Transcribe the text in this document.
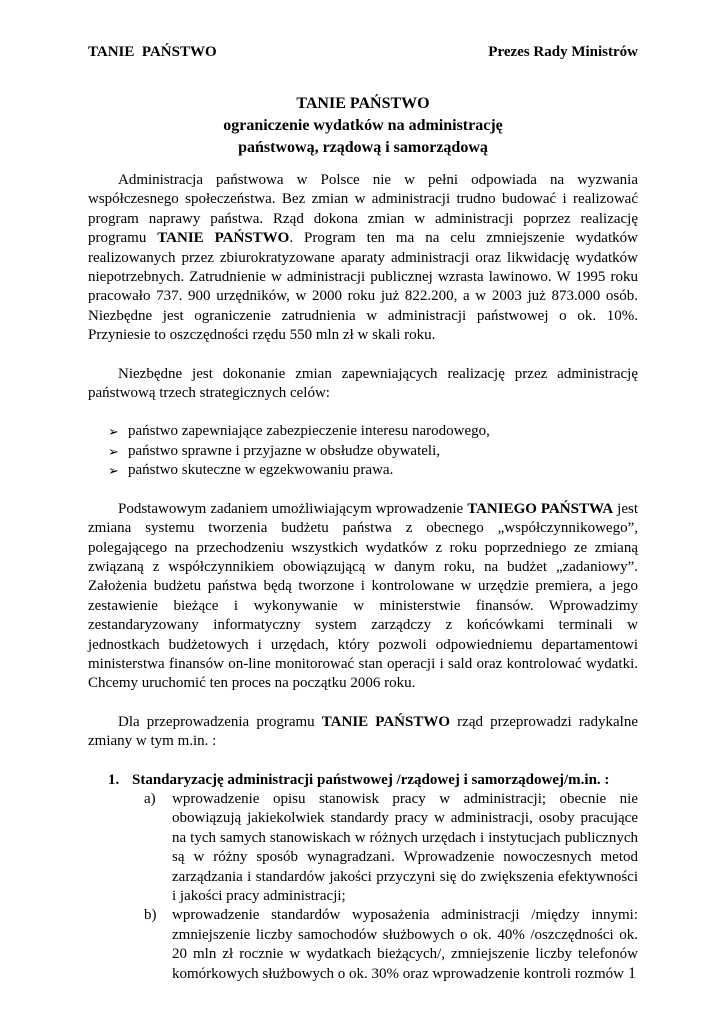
TANIE  PAŃSTWO	Prezes Rady Ministrów
TANIE PAŃSTWO
ograniczenie wydatków na administrację
państwową, rządową i samorządową

Administracja państwowa w Polsce nie w pełni odpowiada na wyzwania współczesnego społeczeństwa. Bez zmian w administracji trudno budować i realizować program naprawy państwa. Rząd dokona zmian w administracji poprzez realizację programu TANIE PAŃSTWO. Program ten ma na celu zmniejszenie wydatków realizowanych przez zbiurokratyzowane aparaty administracji oraz likwidację wydatków niepotrzebnych. Zatrudnienie w administracji publicznej wzrasta lawinowo. W 1995 roku pracowało 737. 900 urzędników, w 2000 roku już 822.200, a w 2003 już 873.000 osób. Niezbędne jest ograniczenie zatrudnienia w administracji państwowej o ok. 10%. Przyniesie to oszczędności rzędu 550 mln zł w skali roku.

Niezbędne jest dokonanie zmian zapewniających realizację przez administrację państwową trzech strategicznych celów:

➢ państwo zapewniające zabezpieczenie interesu narodowego,
➢ państwo sprawne i przyjazne w obsłudze obywateli,
➢ państwo skuteczne w egzekwowaniu prawa.

Podstawowym zadaniem umożliwiającym wprowadzenie TANIEGO PAŃSTWA jest zmiana systemu tworzenia budżetu państwa z obecnego „współczynnikowego”, polegającego na przechodzeniu wszystkich wydatków z roku poprzedniego ze zmianą związaną z współczynnikiem obowiązującą w danym roku, na budżet „zadaniowy”. Założenia budżetu państwa będą tworzone i kontrolowane w urzędzie premiera, a jego zestawienie bieżące i wykonywanie w ministerstwie finansów. Wprowadzimy zestandaryzowany informatyczny system zarządczy z końcówkami terminali w jednostkach budżetowych i urzędach, który pozwoli odpowiedniemu departamentowi ministerstwa finansów on-line monitorować stan operacji i sald oraz kontrolować wydatki. Chcemy uruchomić ten proces na początku 2006 roku.

Dla przeprowadzenia programu TANIE PAŃSTWO rząd przeprowadzi radykalne zmiany w tym m.in. :

1. Standaryzację administracji państwowej /rządowej i samorządowej/m.in. :
a)	wprowadzenie opisu stanowisk pracy w administracji; obecnie nie obowiązują jakiekolwiek standardy pracy w administracji, osoby pracujące na tych samych stanowiskach w różnych urzędach i instytucjach publicznych są w różny sposób wynagradzani. Wprowadzenie nowoczesnych metod zarządzania i standardów jakości przyczyni się do zwiększenia efektywności i jakości pracy administracji;
b)	wprowadzenie standardów wyposażenia administracji /między innymi: zmniejszenie liczby samochodów służbowych o ok. 40% /oszczędności ok. 20 mln zł rocznie w wydatkach bieżących/, zmniejszenie liczby telefonów komórkowych służbowych o ok. 30% oraz wprowadzenie kontroli rozmów 1
